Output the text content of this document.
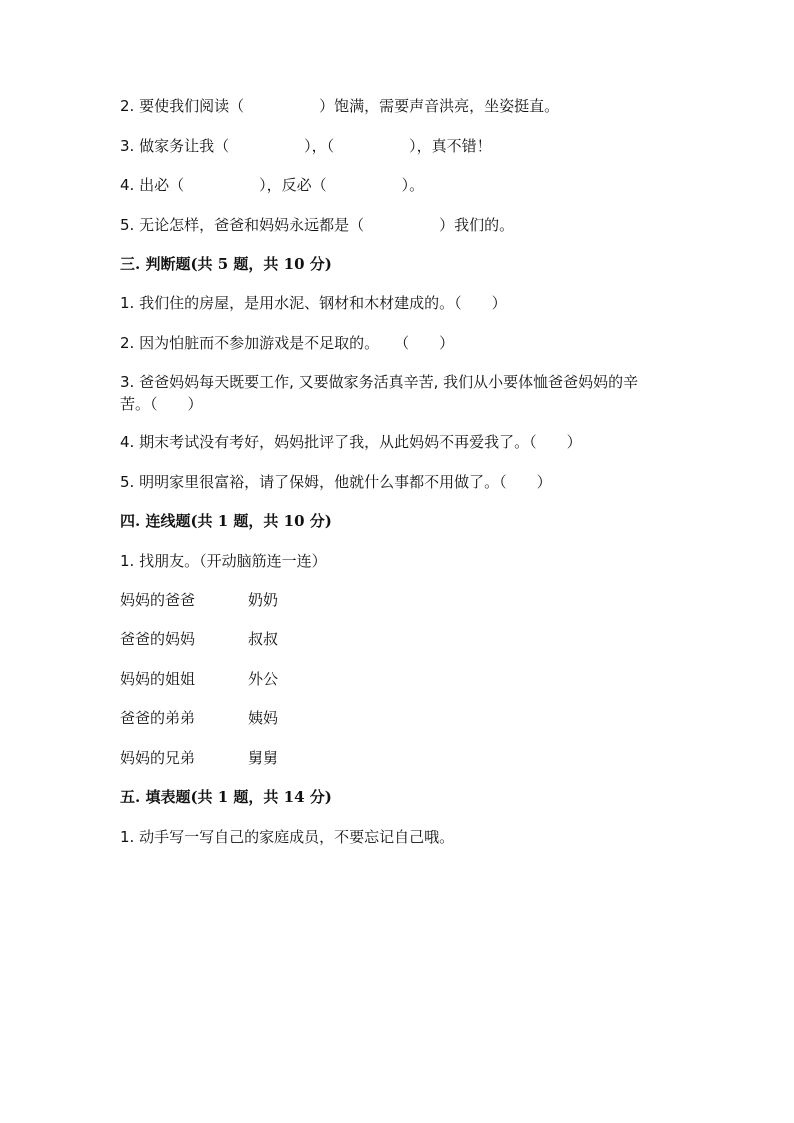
2. 要使我们阅读（　　　　　）饱满，需要声音洪亮，坐姿挺直。
3. 做家务让我（　　　　　），（　　　　　），真不错！
4. 出必（　　　　　），反必（　　　　　）。
5. 无论怎样，爸爸和妈妈永远都是（　　　　　）我们的。
三. 判断题(共 5 题，共 10 分)
1. 我们住的房屋，是用水泥、钢材和木材建成的。（　　）
2. 因为怕脏而不参加游戏是不足取的。　　（　　）
3. 爸爸妈妈每天既要工作, 又要做家务活真辛苦, 我们从小要体恤爸爸妈妈的辛
苦。（　　）
4. 期末考试没有考好，妈妈批评了我，从此妈妈不再爱我了。（　　）
5. 明明家里很富裕，请了保姆，他就什么事都不用做了。（　　）
四. 连线题(共 1 题，共 10 分)
1. 找朋友。（开动脑筋连一连）
妈妈的爸爸	奶奶
爸爸的妈妈	叔叔
妈妈的姐姐	外公
爸爸的弟弟	姨妈
妈妈的兄弟	舅舅
五. 填表题(共 1 题，共 14 分)
1. 动手写一写自己的家庭成员，不要忘记自己哦。
